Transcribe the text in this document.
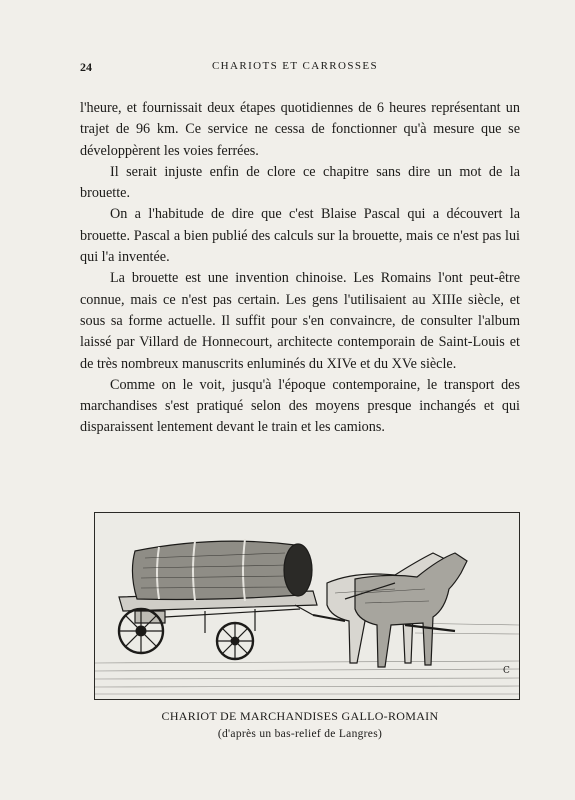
24	CHARIOTS ET CARROSSES

l'heure, et fournissait deux étapes quotidiennes de 6 heures représentant un trajet de 96 km. Ce service ne cessa de fonctionner qu'à mesure que se développèrent les voies ferrées.

Il serait injuste enfin de clore ce chapitre sans dire un mot de la brouette.

On a l'habitude de dire que c'est Blaise Pascal qui a découvert la brouette. Pascal a bien publié des calculs sur la brouette, mais ce n'est pas lui qui l'a inventée.

La brouette est une invention chinoise. Les Romains l'ont peut-être connue, mais ce n'est pas certain. Les gens l'utilisaient au XIIIe siècle, et sous sa forme actuelle. Il suffit pour s'en convaincre, de consulter l'album laissé par Villard de Honnecourt, architecte contemporain de Saint-Louis et de très nombreux manuscrits enluminés du XIVe et du XVe siècle.

Comme on le voit, jusqu'à l'époque contemporaine, le transport des marchandises s'est pratiqué selon des moyens presque inchangés et qui disparaissent lentement devant le train et les camions.

C
CHARIOT DE MARCHANDISES GALLO-ROMAIN
(d'après un bas-relief de Langres)
